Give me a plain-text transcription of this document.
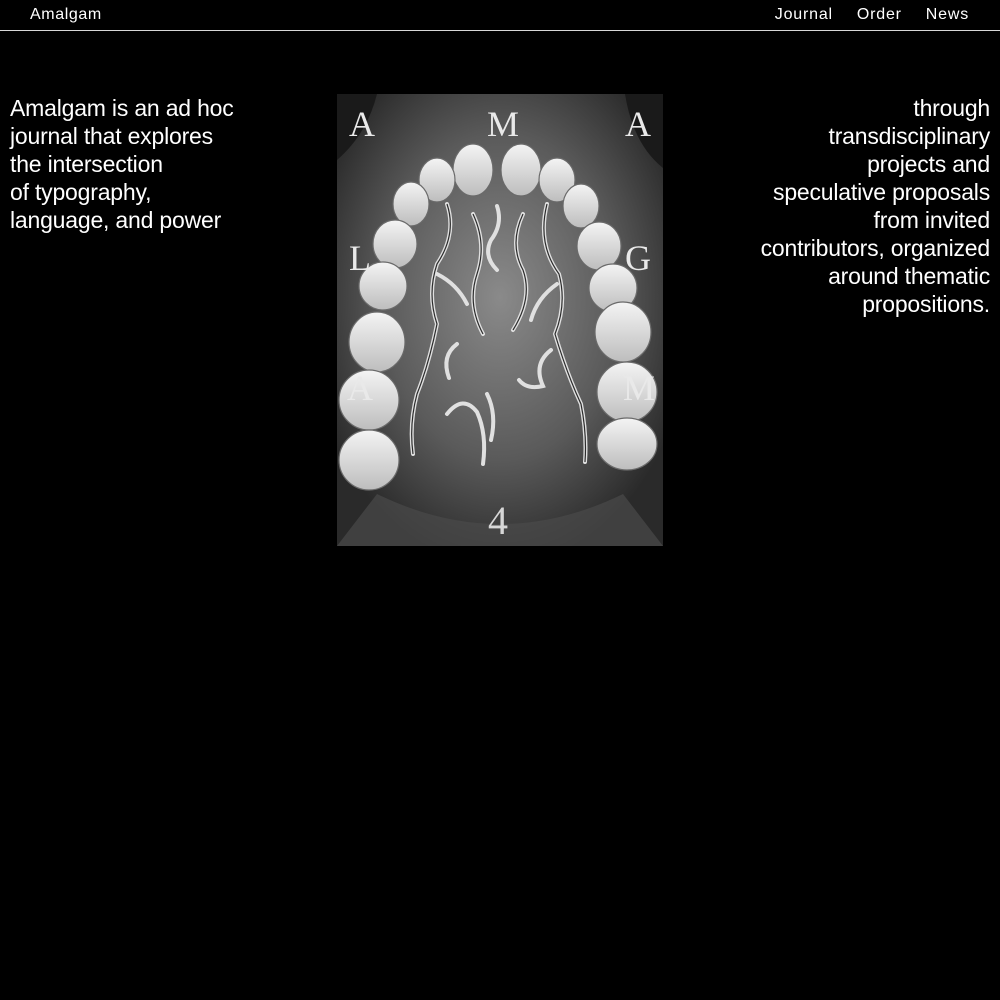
Amalgam	Journal Order News
Amalgam is an ad hoc
journal that explores
the intersection
of typography,
language, and power
A	M	A
L	G
A	M
4
through
transdisciplinary
projects and
speculative proposals
from invited
contributors, organized
around thematic
propositions.
